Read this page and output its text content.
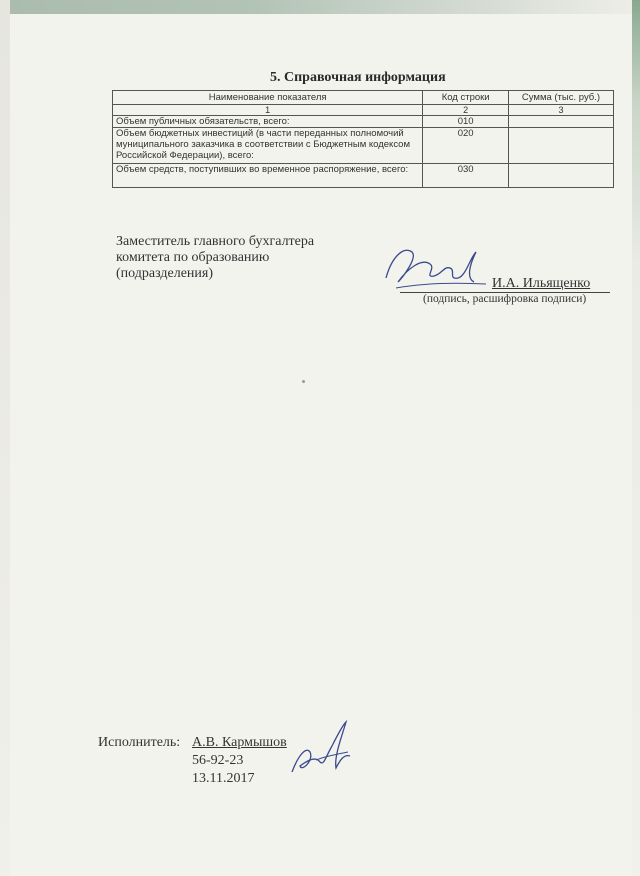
5. Справочная информация
Наименование показателя	Код строки	Сумма (тыс. руб.)
1	2	3
Объем публичных обязательств, всего:	010	
Объем бюджетных инвестиций (в части переданных полномочий муниципального заказчика в соответствии с Бюджетным кодексом Российской Федерации), всего:	020	
Объем средств, поступивших во временное распоряжение, всего:	030	
Заместитель главного бухгалтера
комитета по образованию
(подразделения)
И.А. Ильященко
(подпись, расшифровка подписи)
Исполнитель: А.В. Кармышов
56-92-23
13.11.2017
